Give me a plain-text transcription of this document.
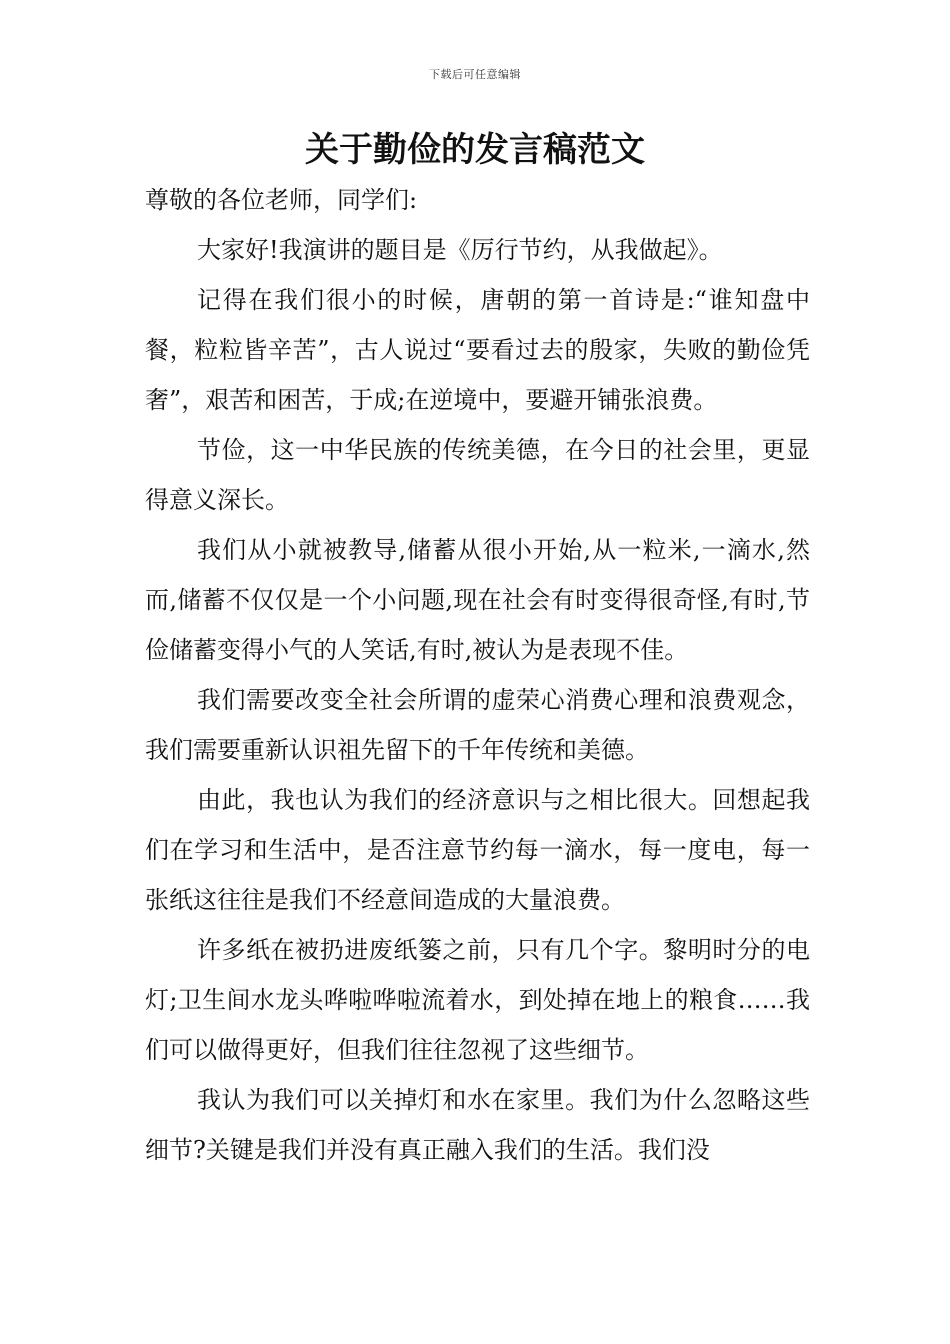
下载后可任意编辑
关于勤俭的发言稿范文

尊敬的各位老师，同学们:

大家好!我演讲的题目是《厉行节约，从我做起》。

记得在我们很小的时候，唐朝的第一首诗是:“谁知盘中餐，粒粒皆辛苦”，古人说过“要看过去的殷家，失败的勤俭凭奢”，艰苦和困苦，于成;在逆境中，要避开铺张浪费。

节俭，这一中华民族的传统美德，在今日的社会里，更显得意义深长。

我们从小就被教导,储蓄从很小开始,从一粒米,一滴水,然而,储蓄不仅仅是一个小问题,现在社会有时变得很奇怪,有时,节俭储蓄变得小气的人笑话,有时,被认为是表现不佳。

我们需要改变全社会所谓的虚荣心消费心理和浪费观念，我们需要重新认识祖先留下的千年传统和美德。

由此，我也认为我们的经济意识与之相比很大。回想起我们在学习和生活中，是否注意节约每一滴水，每一度电，每一张纸这往往是我们不经意间造成的大量浪费。

许多纸在被扔进废纸篓之前，只有几个字。黎明时分的电灯;卫生间水龙头哗啦哗啦流着水，到处掉在地上的粮食……我们可以做得更好，但我们往往忽视了这些细节。

我认为我们可以关掉灯和水在家里。我们为什么忽略这些细节?关键是我们并没有真正融入我们的生活。我们没
